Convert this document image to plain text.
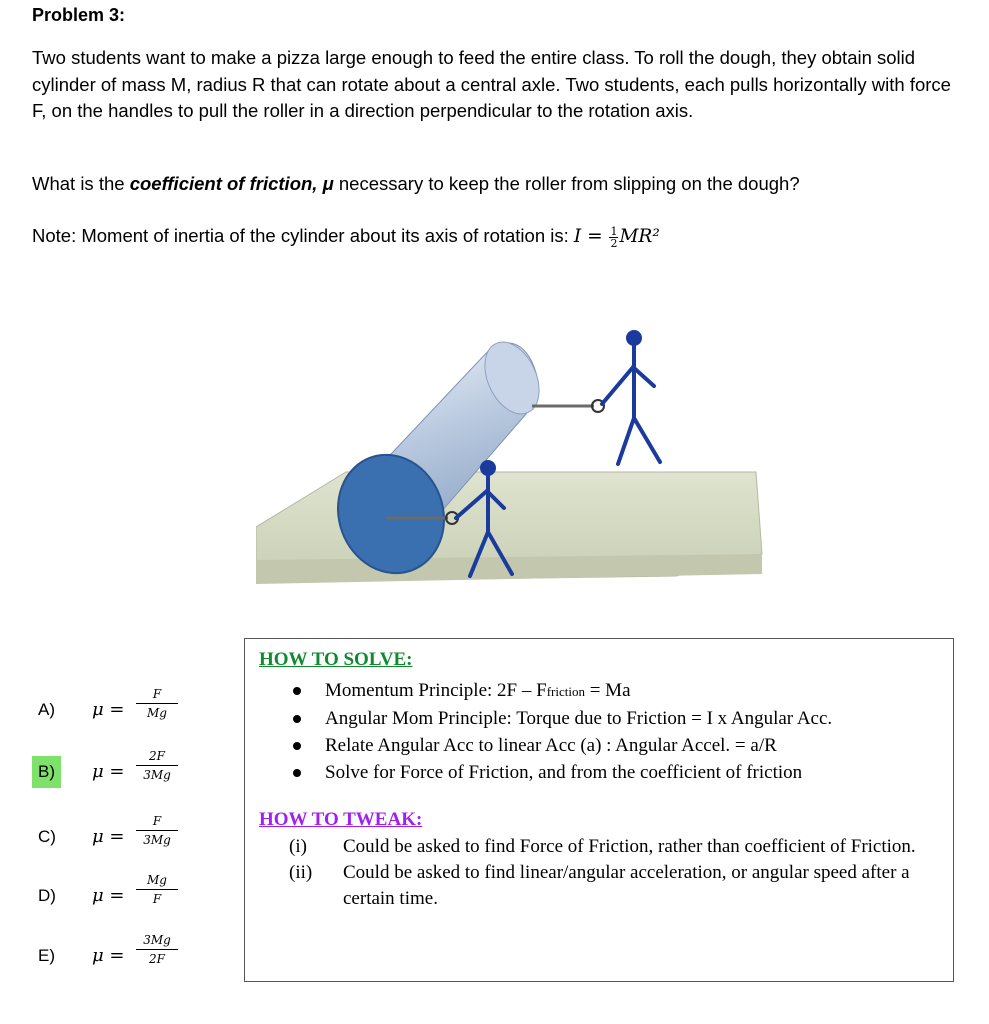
Problem 3:
Two students want to make a pizza large enough to feed the entire class. To roll the dough, they obtain solid cylinder of mass M, radius R that can rotate about a central axle. Two students, each pulls horizontally with force F, on the handles to pull the roller in a direction perpendicular to the rotation axis.
What is the coefficient of friction, μ necessary to keep the roller from slipping on the dough?
Note: Moment of inertia of the cylinder about its axis of rotation is: $I = \frac{1}{2} MR^2$
A) $\mu = \frac{F}{Mg}$
B)	$\mu = \frac{2F}{3Mg}$
C) $\mu = \frac{F}{3Mg}$
D) $\mu = \frac{Mg}{F}$
E) $\mu = \frac{3Mg}{2F}$
HOW TO SOLVE:
Momentum Principle: 2F – Ffriction = Ma
Angular Mom Principle: Torque due to Friction = I x Angular Acc.
Relate Angular Acc to linear Acc (a) : Angular Accel. = a/R
Solve for Force of Friction, and from the coefficient of friction
HOW TO TWEAK:
(i) Could be asked to find Force of Friction, rather than coefficient of Friction.
(ii) Could be asked to find linear/angular acceleration, or angular speed after a certain time.
